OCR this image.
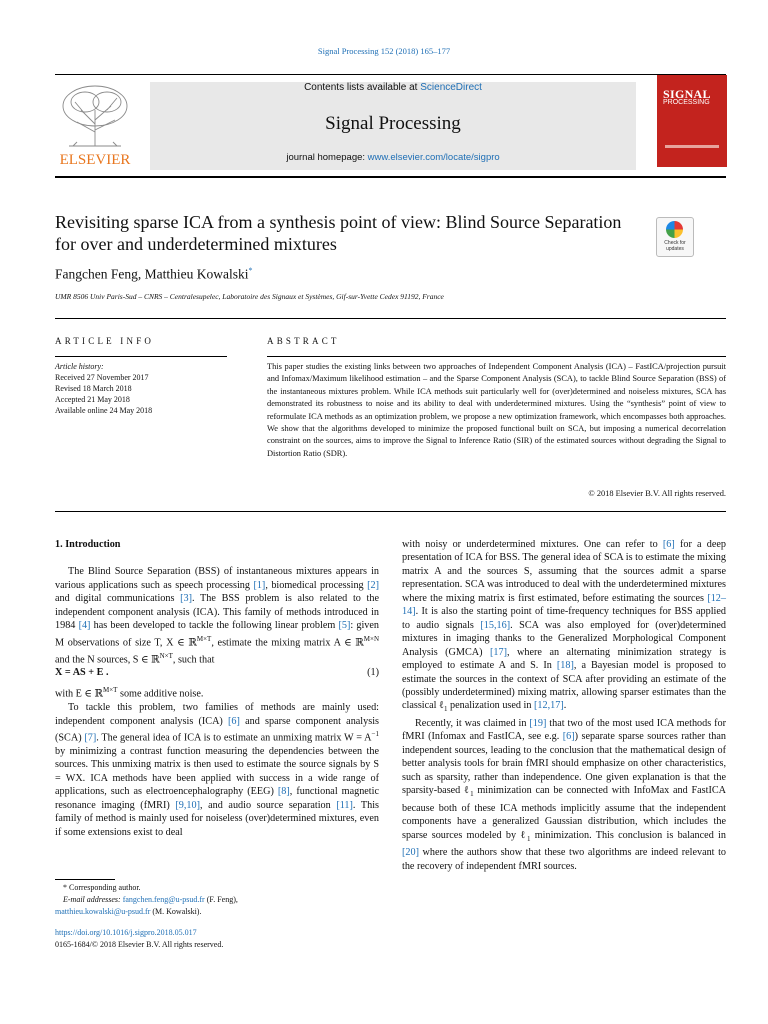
Signal Processing 152 (2018) 165–177
ELSEVIER
Contents lists available at ScienceDirect
Signal Processing
journal homepage: www.elsevier.com/locate/sigpro
SIGNAL
PROCESSING
Revisiting sparse ICA from a synthesis point of view: Blind Source Separation for over and underdetermined mixtures	Check for updates
Fangchen Feng, Matthieu Kowalski*
UMR 8506 Univ Paris-Sud – CNRS – Centralesupelec, Laboratoire des Signaux et Systèmes, Gif-sur-Yvette Cedex 91192, France
ARTICLE INFO	ABSTRACT
Article history:
Received 27 November 2017
Revised 18 March 2018
Accepted 21 May 2018
Available online 24 May 2018
This paper studies the existing links between two approaches of Independent Component Analysis (ICA) – FastICA/projection pursuit and Infomax/Maximum likelihood estimation – and the Sparse Component Analysis (SCA), to tackle Blind Source Separation (BSS) of the instantaneous mixtures problem. While ICA methods suit particularly well for (over)determined and noiseless mixtures, SCA has demonstrated its robustness to noise and its ability to deal with underdetermined mixtures. Using the “synthesis” point of view to reformulate ICA methods as an optimization problem, we propose a new optimization framework, which encompasses both approaches. We show that the algorithms developed to minimize the proposed functional built on SCA, but imposing a numerical decorrelation constraint on the sources, aims to improve the Signal to Inference Ratio (SIR) of the estimated sources without degrading the Signal to Distortion Ratio (SDR).
© 2018 Elsevier B.V. All rights reserved.
1. Introduction

The Blind Source Separation (BSS) of instantaneous mixtures appears in various applications such as speech processing [1], biomedical processing [2] and digital communications [3]. The BSS problem is also related to the independent component analysis (ICA). This family of methods introduced in 1984 [4] has been developed to tackle the following linear problem [5]: given M observations of size T, X ∈ ℝ$^{M\times T}$, estimate the mixing matrix A ∈ ℝ$^{M\times N}$ and the N sources, S ∈ ℝ$^{N\times T}$, such that

X = AS + E .	(1)

with E ∈ ℝ$^{M\times T}$ some additive noise.

To tackle this problem, two families of methods are mainly used: independent component analysis (ICA) [6] and sparse component analysis (SCA) [7]. The general idea of ICA is to estimate an unmixing matrix $W = A^{-1}$ by minimizing a contrast function measuring the dependencies between the sources. This unmixing matrix is then used to estimate the source signals by S = WX. ICA methods have been applied with success in a wide range of applications, such as electroencephalography (EEG) [8], functional magnetic resonance imaging (fMRI) [9,10], and audio source separation [11]. This family of method is mainly used for noiseless (over)determined mixtures, even if some extensions exist to deal

with noisy or underdetermined mixtures. One can refer to [6] for a deep presentation of ICA for BSS. The general idea of SCA is to estimate the mixing matrix A and the sources S, assuming that the sources admit a sparse representation. SCA was introduced to deal with the underdetermined mixtures where the mixing matrix is first estimated, before estimating the sources [12–14]. It is also the starting point of time-frequency techniques for BSS applied to audio signals [15,16]. SCA was also employed for (over)determined mixtures in imaging thanks to the Generalized Morphological Component Analysis (GMCA) [17], where an alternating minimization strategy is employed to estimate A and S. In [18], a Bayesian model is proposed to estimate the sources in the context of SCA after providing an estimate of the (possibly underdetermined) mixing matrix, allowing sparser estimates than the classical ℓ$_1$ penalization used in [12,17].

Recently, it was claimed in [19] that two of the most used ICA methods for fMRI (Infomax and FastICA, see e.g. [6]) separate sparse sources rather than independent sources, leading to the conclusion that the mathematical design of better analysis tools for brain fMRI should emphasize on other characteristics, such as sparsity, rather than independence. One given explanation is that the sparsity-based ℓ$_1$ minimization can be connected with InfoMax and FastICA because both of these ICA methods implicitly assume that the independent components have a generalized Gaussian distribution, which includes the sparse sources modeled by ℓ$_1$ minimization. This conclusion is balanced in [20] where the authors show that these two algorithms are indeed relevant to the recovery of independent fMRI sources.

* Corresponding author.
E-mail addresses: fangchen.feng@u-psud.fr (F. Feng),
matthieu.kowalski@u-psud.fr (M. Kowalski).
https://doi.org/10.1016/j.sigpro.2018.05.017
0165-1684/© 2018 Elsevier B.V. All rights reserved.
